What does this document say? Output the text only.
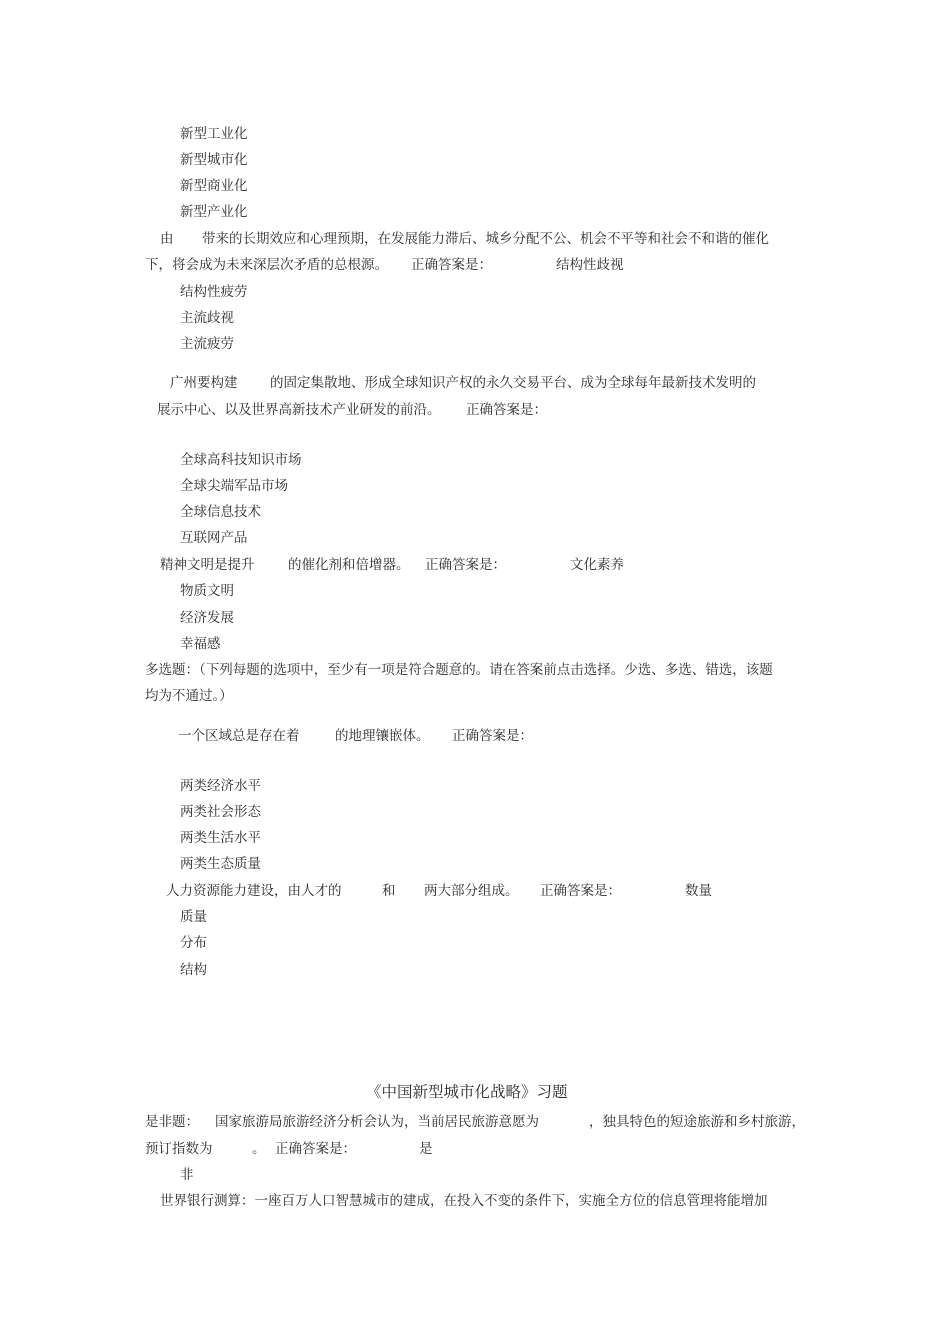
新型工业化
新型城市化
新型商业化
新型产业化
由 带来的长期效应和心理预期，在发展能力滞后、城乡分配不公、机会不平等和社会不和谐的催化
下，将会成为未来深层次矛盾的总根源。 正确答案是：	结构性歧视
结构性疲劳
主流歧视
主流疲劳
广州要构建 的固定集散地、形成全球知识产权的永久交易平台、成为全球每年最新技术发明的
展示中心、以及世界高新技术产业研发的前沿。 正确答案是：
全球高科技知识市场
全球尖端军品市场
全球信息技术
互联网产品
精神文明是提升 的催化剂和倍增器。 正确答案是：	文化素养
物质文明
经济发展
幸福感
多选题：（下列每题的选项中，至少有一项是符合题意的。请在答案前点击选择。少选、多选、错选，该题
均为不通过。）
一个区域总是存在着	的地理镶嵌体。 正确答案是：
两类经济水平
两类社会形态
两类生活水平
两类生态质量
人力资源能力建设，由人才的	和 两大部分组成。 正确答案是：	数量
质量
分布
结构
《中国新型城市化战略》习题
是非题： 国家旅游局旅游经济分析会认为，当前居民旅游意愿为	，独具特色的短途旅游和乡村旅游，
预订指数为	。 正确答案是：	是
非
世界银行测算：一座百万人口智慧城市的建成，在投入不变的条件下，实施全方位的信息管理将能增加
